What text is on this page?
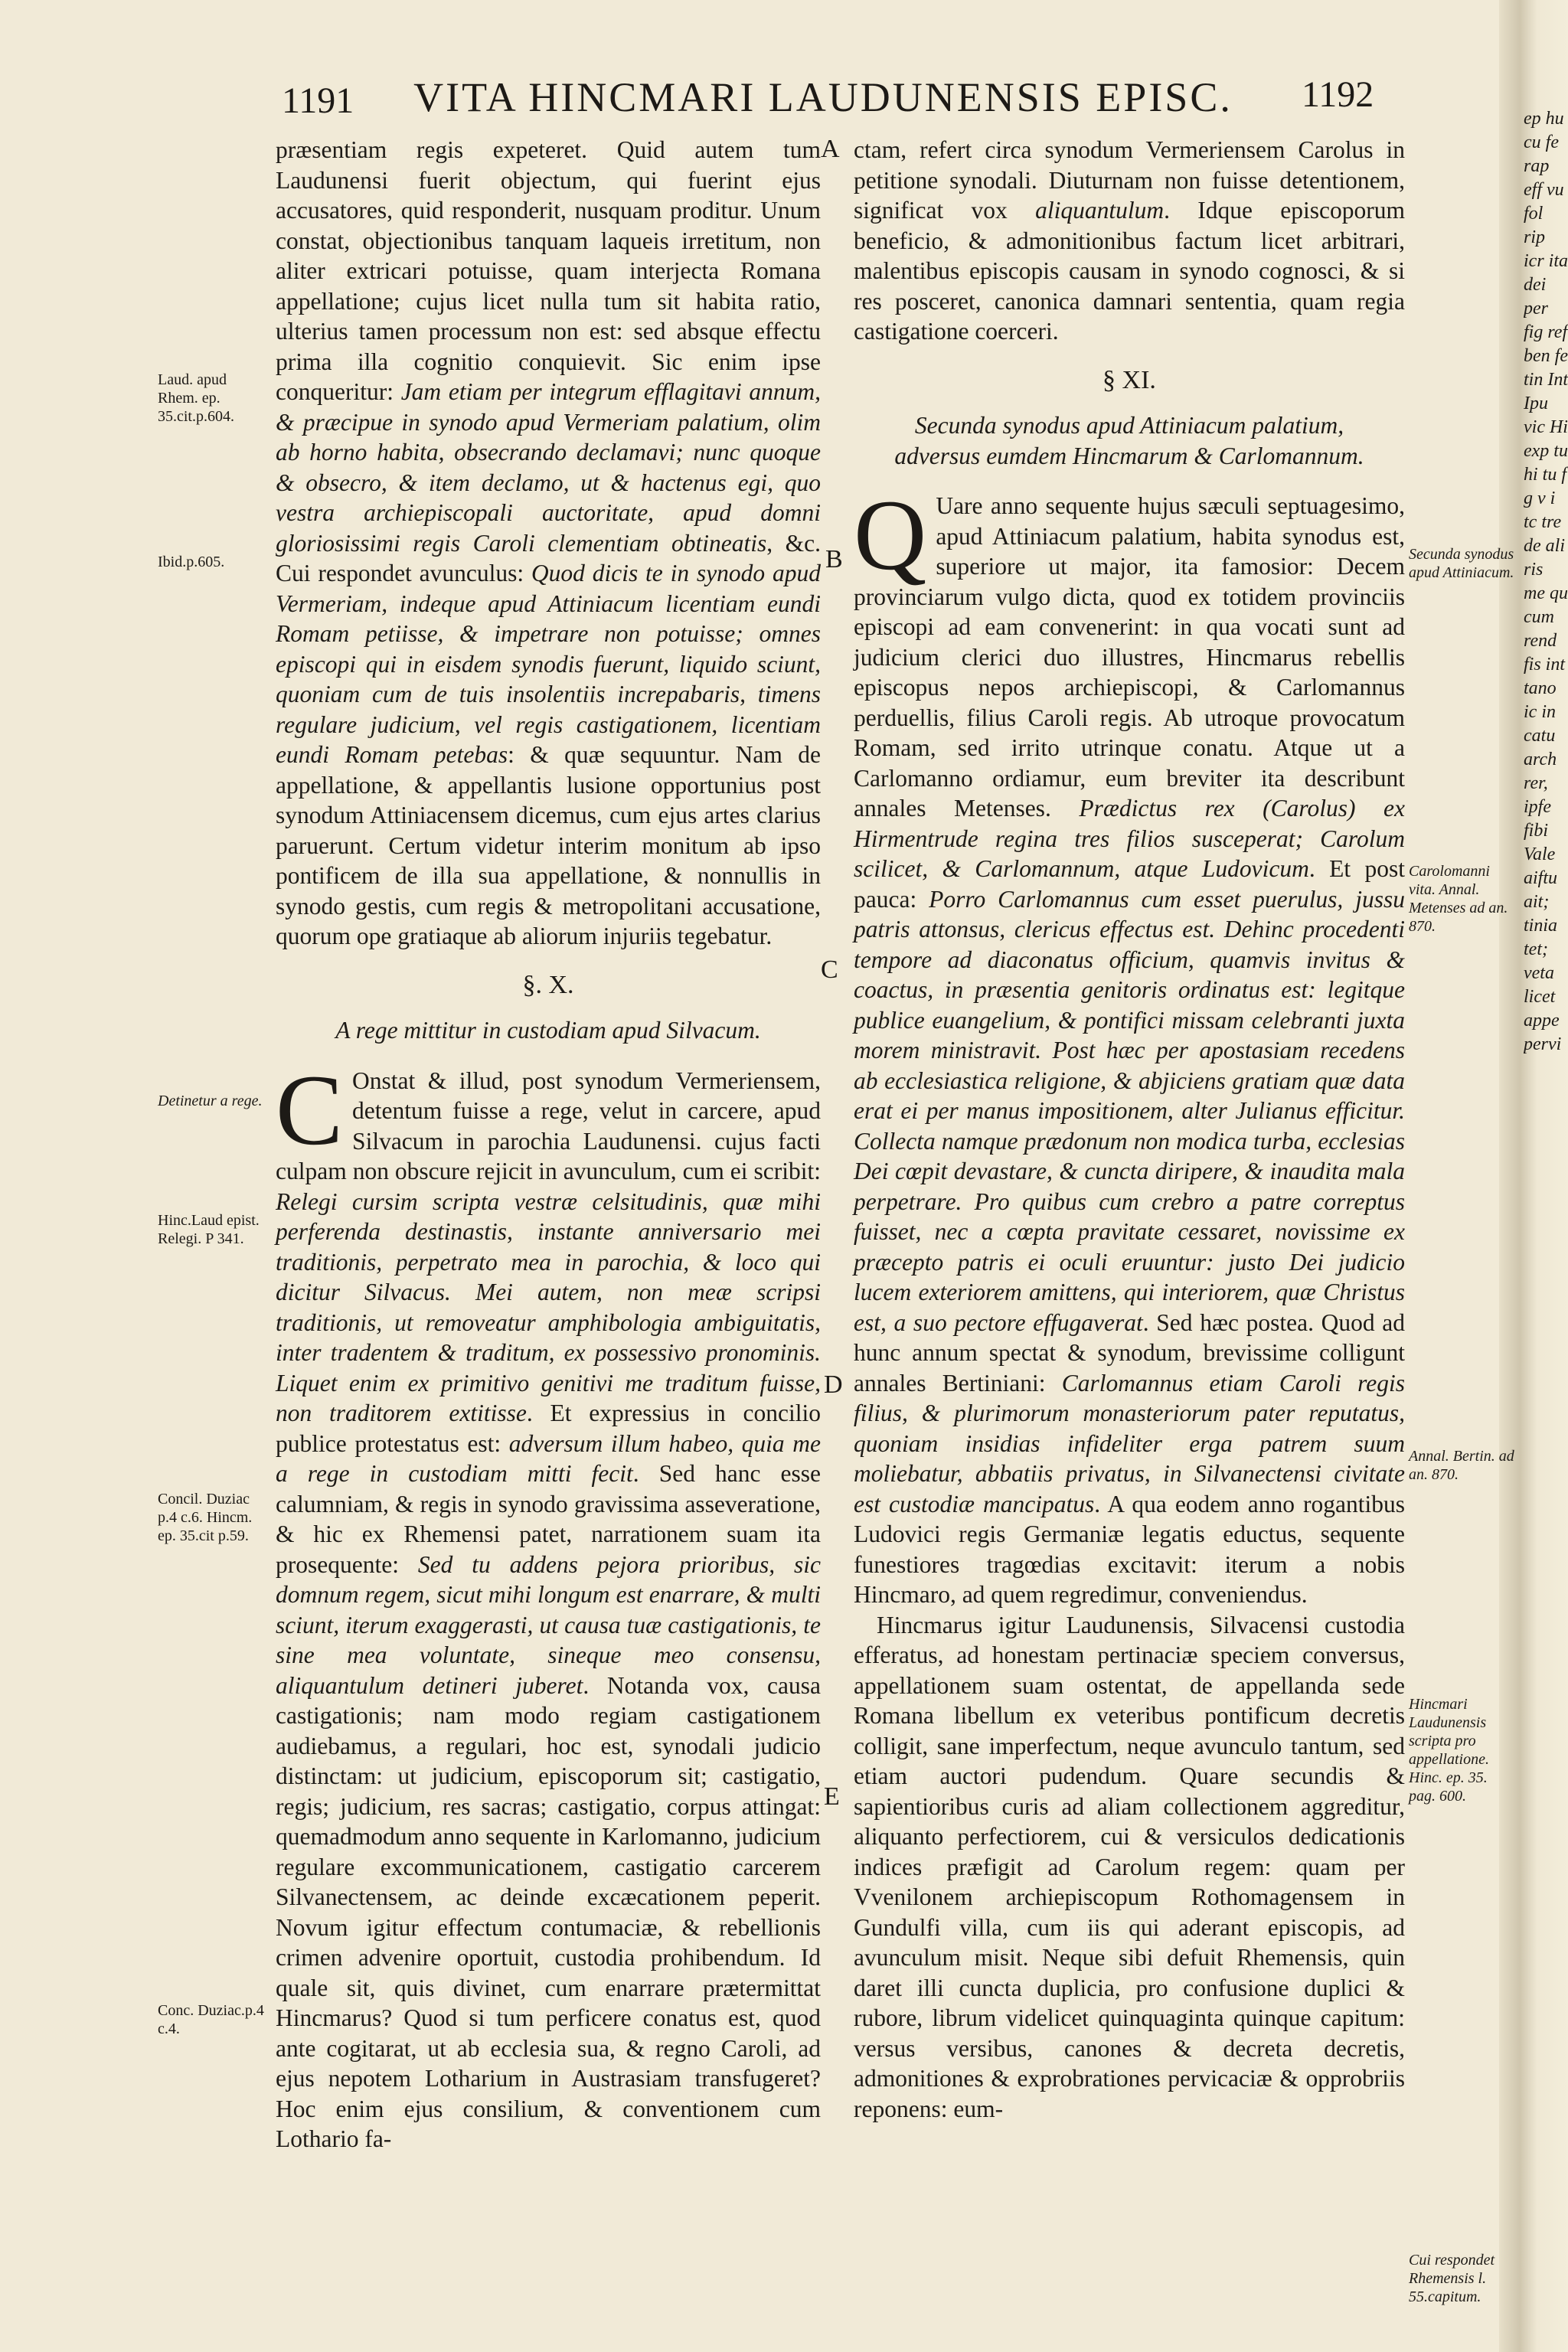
1191	VITA HINCMARI LAUDUNENSIS EPISC.	1192

præsentiam regis expeteret. Quid autem tum Laudunensi fuerit objectum, qui fuerint ejus accusatores, quid responderit, nusquam proditur. Unum constat, objectionibus tanquam laqueis irretitum, non aliter extricari potuisse, quam interjecta Romana appellatione; cujus licet nulla tum sit habita ratio, ulterius tamen processum non est: sed absque effectu prima illa cognitio conquievit. Sic enim ipse conqueritur: Jam etiam per integrum efflagitavi annum, & præcipue in synodo apud Vermeriam palatium, olim ab horno habita, obsecrando declamavi; nunc quoque & obsecro, & item declamo, ut & hactenus egi, quo vestra archiepiscopali auctoritate, apud domni gloriosissimi regis Caroli clementiam obtineatis, &c. Cui respondet avunculus: Quod dicis te in synodo apud Vermeriam, indeque apud Attiniacum licentiam eundi Romam petiisse, & impetrare non potuisse; omnes episcopi qui in eisdem synodis fuerunt, liquido sciunt, quoniam cum de tuis insolentiis increpabaris, timens regulare judicium, vel regis castigationem, licentiam eundi Romam petebas: & quæ sequuntur. Nam de appellatione, & appellantis lusione opportunius post synodum Attiniacensem dicemus, cum ejus artes clarius paruerunt. Certum videtur interim monitum ab ipso pontificem de illa sua appellatione, & nonnullis in synodo gestis, cum regis & metropolitani accusatione, quorum ope gratiaque ab aliorum injuriis tegebatur.

§. X.
A rege mittitur in custodiam apud Silvacum.

C Onstat & illud, post synodum Vermeriensem, detentum fuisse a rege, velut in carcere, apud Silvacum in parochia Laudunensi. cujus facti culpam non obscure rejicit in avunculum, cum ei scribit: Relegi cursim scripta vestræ celsitudinis, quæ mihi perferenda destinastis, instante anniversario mei traditionis, perpetrato mea in parochia, & loco qui dicitur Silvacus. Mei autem, non meæ scripsi traditionis, ut removeatur amphibologia ambiguitatis, inter tradentem & traditum, ex possessivo pronominis. Liquet enim ex primitivo genitivi me traditum fuisse, non traditorem extitisse. Et expressius in concilio publice protestatus est: adversum illum habeo, quia me a rege in custodiam mitti fecit. Sed hanc esse calumniam, & regis in synodo gravissima asseveratione, & hic ex Rhemensi patet, narrationem suam ita prosequente: Sed tu addens pejora prioribus, sic domnum regem, sicut mihi longum est enarrare, & multi sciunt, iterum exaggerasti, ut causa tuæ castigationis, te sine mea voluntate, sineque meo consensu, aliquantulum detineri juberet. Notanda vox, causa castigationis; nam modo regiam castigationem audiebamus, a regulari, hoc est, synodali judicio distinctam: ut judicium, episcoporum sit; castigatio, regis; judicium, res sacras; castigatio, corpus attingat: quemadmodum anno sequente in Karlomanno, judicium regulare excommunicationem, castigatio carcerem Silvanectensem, ac deinde excæcationem peperit. Novum igitur effectum contumaciæ, & rebellionis crimen advenire oportuit, custodia prohibendum. Id quale sit, quis divinet, cum enarrare prætermittat Hincmarus? Quod si tum perficere conatus est, quod ante cogitarat, ut ab ecclesia sua, & regno Caroli, ad ejus nepotem Lotharium in Austrasiam transfugeret? Hoc enim ejus consilium, & conventionem cum Lothario fa-

ctam, refert circa synodum Vermeriensem Carolus in petitione synodali. Diuturnam non fuisse detentionem, significat vox aliquantulum. Idque episcoporum beneficio, & admonitionibus factum licet arbitrari, malentibus episcopis causam in synodo cognosci, & si res posceret, canonica damnari sententia, quam regia castigatione coerceri.

§ XI.
Secunda synodus apud Attiniacum palatium, adversus eumdem Hincmarum & Carlomannum.

Q Uare anno sequente hujus sæculi septuagesimo, apud Attiniacum palatium, habita synodus est, superiore ut major, ita famosior: Decem provinciarum vulgo dicta, quod ex totidem provinciis episcopi ad eam convenerint: in qua vocati sunt ad judicium clerici duo illustres, Hincmarus rebellis episcopus nepos archiepiscopi, & Carlomannus perduellis, filius Caroli regis. Ab utroque provocatum Romam, sed irrito utrinque conatu. Atque ut a Carlomanno ordiamur, eum breviter ita describunt annales Metenses. Prædictus rex (Carolus) ex Hirmentrude regina tres filios susceperat; Carolum scilicet, & Carlomannum, atque Ludovicum. Et post pauca: Porro Carlomannus cum esset puerulus, jussu patris attonsus, clericus effectus est. Dehinc procedenti tempore ad diaconatus officium, quamvis invitus & coactus, in præsentia genitoris ordinatus est: legitque publice euangelium, & pontifici missam celebranti juxta morem ministravit. Post hæc per apostasiam recedens ab ecclesiastica religione, & abjiciens gratiam quæ data erat ei per manus impositionem, alter Julianus efficitur. Collecta namque prædonum non modica turba, ecclesias Dei cœpit devastare, & cuncta diripere, & inaudita mala perpetrare. Pro quibus cum crebro a patre correptus fuisset, nec a cœpta pravitate cessaret, novissime ex præcepto patris ei oculi eruuntur: justo Dei judicio lucem exteriorem amittens, qui interiorem, quæ Christus est, a suo pectore effugaverat. Sed hæc postea. Quod ad hunc annum spectat & synodum, brevissime colligunt annales Bertiniani: Carlomannus etiam Caroli regis filius, & plurimorum monasteriorum pater reputatus, quoniam insidias infideliter erga patrem suum moliebatur, abbatiis privatus, in Silvanectensi civitate est custodiæ mancipatus. A qua eodem anno rogantibus Ludovici regis Germaniæ legatis eductus, sequente funestiores tragœdias excitavit: iterum a nobis Hincmaro, ad quem regredimur, conveniendus.

Hincmarus igitur Laudunensis, Silvacensi custodia efferatus, ad honestam pertinaciæ speciem conversus, appellationem suam ostentat, de appellanda sede Romana libellum ex veteribus pontificum decretis colligit, sane imperfectum, neque avunculo tantum, sed etiam auctori pudendum. Quare secundis & sapientioribus curis ad aliam collectionem aggreditur, aliquanto perfectiorem, cui & versiculos dedicationis indices præfigit ad Carolum regem: quam per Vvenilonem archiepiscopum Rothomagensem in Gundulfi villa, cum iis qui aderant episcopis, ad avunculum misit. Neque sibi defuit Rhemensis, quin daret illi cuncta duplicia, pro confusione duplici & rubore, librum videlicet quinquaginta quinque capitum: versus versibus, canones & decreta decretis, admonitiones & exprobrationes pervicaciæ & opprobriis reponens: eum-

A
B
C
D
E
Laud. apud Rhem. ep. 35.cit.p.604.
Ibid.p.605.
Detinetur a rege.
Hinc.Laud epist. Relegi. P 341.
Concil. Duziac p.4 c.6. Hincm. ep. 35.cit p.59.
Conc. Duziac.p.4 c.4.
Secunda synodus apud Attiniacum.
Carolomanni vita. Annal. Metenses ad an. 870.
Annal. Bertin. ad an. 870.
Hincmari Laudunensis scripta pro appellatione. Hinc. ep. 35. pag. 600.
Cui respondet Rhemensis l. 55.capitum.
ep hu cu fe rap eff vu fol rip icr ita dei per fig ref ben fe tin Int Ipu vic Hi exp tu hi tu f g v i tc tre de ali ris me qu cum rend fis int tano ic in catu arch rer, ipfe fibi Vale aiftu ait; tinia tet; veta licet appe pervi
